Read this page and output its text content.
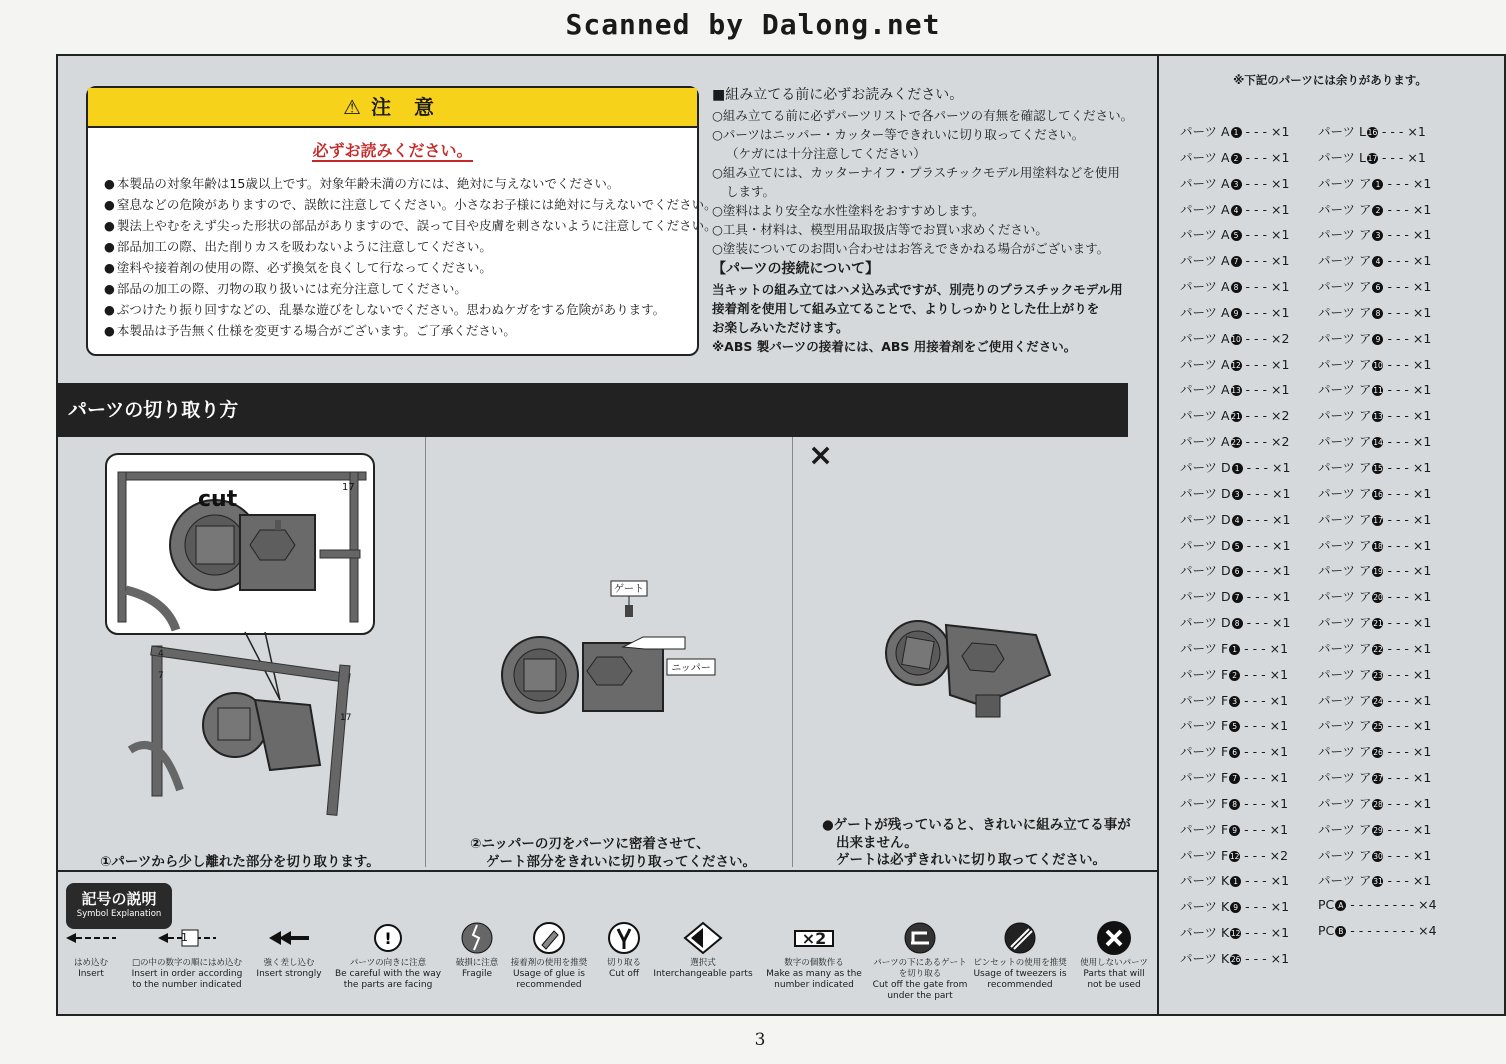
Scanned by Dalong.net
⚠ 注 意
必ずお読みください。
● 本製品の対象年齢は15歳以上です。対象年齢未満の方には、絶対に与えないでください。
● 窒息などの危険がありますので、誤飲に注意してください。小さなお子様には絶対に与えないでください。
● 製法上やむをえず尖った形状の部品がありますので、誤って目や皮膚を刺さないように注意してください。
● 部品加工の際、出た削りカスを吸わないように注意してください。
● 塗料や接着剤の使用の際、必ず換気を良くして行なってください。
● 部品の加工の際、刃物の取り扱いには充分注意してください。
● ぶつけたり振り回すなどの、乱暴な遊びをしないでください。思わぬケガをする危険があります。
● 本製品は予告無く仕様を変更する場合がございます。ご了承ください。
■組み立てる前に必ずお読みください。
○組み立てる前に必ずパーツリストで各パーツの有無を確認してください。
○パーツはニッパー・カッター等できれいに切り取ってください。
（ケガには十分注意してください）
○組み立てには、カッターナイフ・プラスチックモデル用塗料などを使用
します。
○塗料はより安全な水性塗料をおすすめします。
○工具・材料は、模型用品取扱店等でお買い求めください。
○塗装についてのお問い合わせはお答えできかねる場合がございます。
【パーツの接続について】
当キットの組み立てはハメ込み式ですが、別売りのプラスチックモデル用
接着剤を使用して組み立てることで、よりしっかりとした仕上がりを
お楽しみいただけます。
※ABS 製パーツの接着には、ABS 用接着剤をご使用ください。
パーツの切り取り方
cut	17
4
7
17
①パーツから少し離れた部分を切り取ります。
ゲート
ニッパー
②ニッパーの刃をパーツに密着させて、
ゲート部分をきれいに切り取ってください。
×
●ゲートが残っていると、きれいに組み立てる事が
出来ません。
ゲートは必ずきれいに切り取ってください。
記号の説明
Symbol Explanation
はめ込む
Insert
1
□の中の数字の順にはめ込む
Insert in order according to the number indicated
強く差し込む
Insert strongly
!
パーツの向きに注意
Be careful with the way the parts are facing
破損に注意
Fragile
接着剤の使用を推奨
Usage of glue is recommended
切り取る
Cut off
選択式
Interchangeable parts
×2
数字の個数作る
Make as many as the number indicated
パーツの下にあるゲートを切り取る
Cut off the gate from under the part
ピンセットの使用を推奨
Usage of tweezers is recommended
使用しないパーツ
Parts that will not be used
※下記のパーツには余りがあります。
パーツ A 1 - - - ×1
パーツ A 2 - - - ×1
パーツ A 3 - - - ×1
パーツ A 4 - - - ×1
パーツ A 5 - - - ×1
パーツ A 7 - - - ×1
パーツ A 8 - - - ×1
パーツ A 9 - - - ×1
パーツ A 10 - - - ×2
パーツ A 12 - - - ×1
パーツ A 13 - - - ×1
パーツ A 21 - - - ×2
パーツ A 22 - - - ×2
パーツ D 1 - - - ×1
パーツ D 3 - - - ×1
パーツ D 4 - - - ×1
パーツ D 5 - - - ×1
パーツ D 6 - - - ×1
パーツ D 7 - - - ×1
パーツ D 8 - - - ×1
パーツ F 1 - - - ×1
パーツ F 2 - - - ×1
パーツ F 3 - - - ×1
パーツ F 5 - - - ×1
パーツ F 6 - - - ×1
パーツ F 7 - - - ×1
パーツ F 8 - - - ×1
パーツ F 9 - - - ×1
パーツ F 12 - - - ×2
パーツ K 1 - - - ×1
パーツ K 9 - - - ×1
パーツ K 12 - - - ×1
パーツ K 26 - - - ×1
パーツ L 16 - - - ×1
パーツ L 17 - - - ×1
パーツ ア 1 - - - ×1
パーツ ア 2 - - - ×1
パーツ ア 3 - - - ×1
パーツ ア 4 - - - ×1
パーツ ア 6 - - - ×1
パーツ ア 8 - - - ×1
パーツ ア 9 - - - ×1
パーツ ア 10 - - - ×1
パーツ ア 11 - - - ×1
パーツ ア 13 - - - ×1
パーツ ア 14 - - - ×1
パーツ ア 15 - - - ×1
パーツ ア 16 - - - ×1
パーツ ア 17 - - - ×1
パーツ ア 18 - - - ×1
パーツ ア 19 - - - ×1
パーツ ア 20 - - - ×1
パーツ ア 21 - - - ×1
パーツ ア 22 - - - ×1
パーツ ア 23 - - - ×1
パーツ ア 24 - - - ×1
パーツ ア 25 - - - ×1
パーツ ア 26 - - - ×1
パーツ ア 27 - - - ×1
パーツ ア 28 - - - ×1
パーツ ア 29 - - - ×1
パーツ ア 30 - - - ×1
パーツ ア 31 - - - ×1
PC A - - - - - - - - ×4
PC B - - - - - - - - ×4
3
